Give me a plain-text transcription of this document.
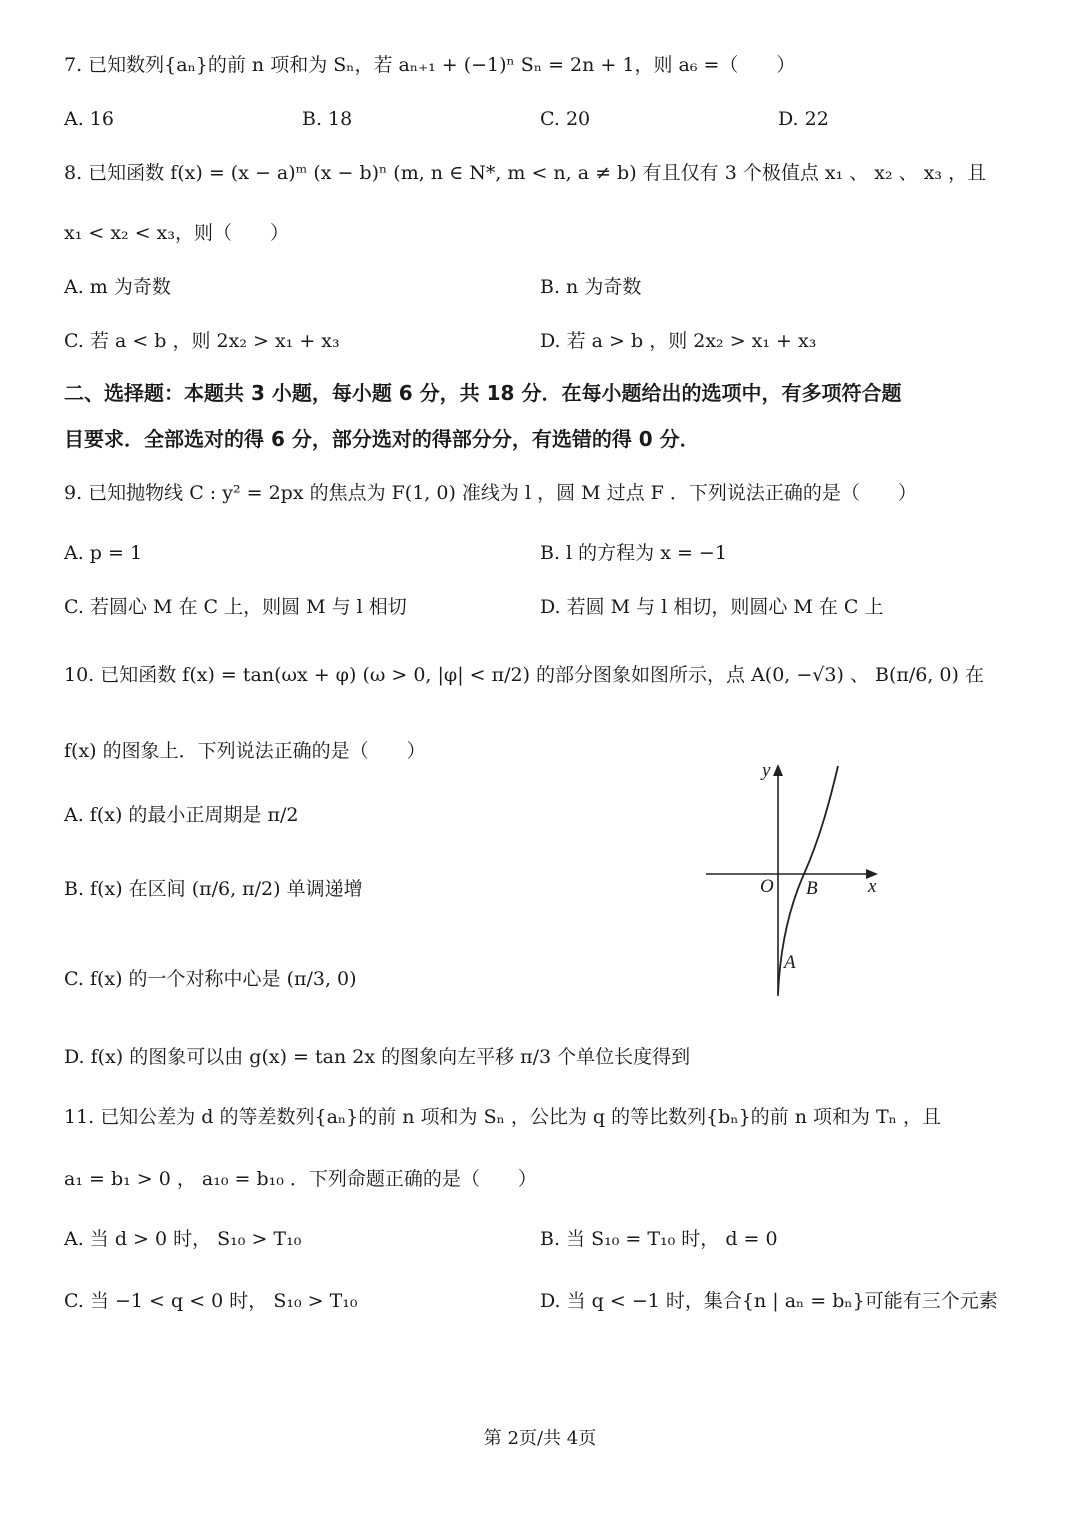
7. 已知数列{aₙ}的前 n 项和为 Sₙ，若 aₙ₊₁ + (−1)ⁿ Sₙ = 2n + 1，则 a₆ =（　　）
A. 16	B. 18	C. 20	D. 22
8. 已知函数 f(x) = (x − a)ᵐ (x − b)ⁿ (m, n ∈ N*, m < n, a ≠ b) 有且仅有 3 个极值点 x₁ 、 x₂ 、 x₃ ，且
x₁ < x₂ < x₃，则（　　）
A. m 为奇数	B. n 为奇数
C. 若 a < b ，则 2x₂ > x₁ + x₃	D. 若 a > b ，则 2x₂ > x₁ + x₃
二、选择题：本题共 3 小题，每小题 6 分，共 18 分．在每小题给出的选项中，有多项符合题
目要求．全部选对的得 6 分，部分选对的得部分分，有选错的得 0 分．
9. 已知抛物线 C : y² = 2px 的焦点为 F(1, 0) 准线为 l ，圆 M 过点 F ．下列说法正确的是（　　）
A. p = 1	B. l 的方程为 x = −1
C. 若圆心 M 在 C 上，则圆 M 与 l 相切	D. 若圆 M 与 l 相切，则圆心 M 在 C 上
10. 已知函数 f(x) = tan(ωx + φ) (ω > 0, |φ| < π/2) 的部分图象如图所示，点 A(0, −√3) 、 B(π/6, 0) 在
f(x) 的图象上．下列说法正确的是（　　）
A. f(x) 的最小正周期是 π/2
B. f(x) 在区间 (π/6, π/2) 单调递增
C. f(x) 的一个对称中心是 (π/3, 0)
D. f(x) 的图象可以由 g(x) = tan 2x 的图象向左平移 π/3 个单位长度得到
y
x
O B
A
11. 已知公差为 d 的等差数列{aₙ}的前 n 项和为 Sₙ ，公比为 q 的等比数列{bₙ}的前 n 项和为 Tₙ ，且
a₁ = b₁ > 0 ， a₁₀ = b₁₀ ．下列命题正确的是（　　）
A. 当 d > 0 时， S₁₀ > T₁₀	B. 当 S₁₀ = T₁₀ 时， d = 0
C. 当 −1 < q < 0 时， S₁₀ > T₁₀	D. 当 q < −1 时，集合{n | aₙ = bₙ}可能有三个元素
第 2页/共 4页
